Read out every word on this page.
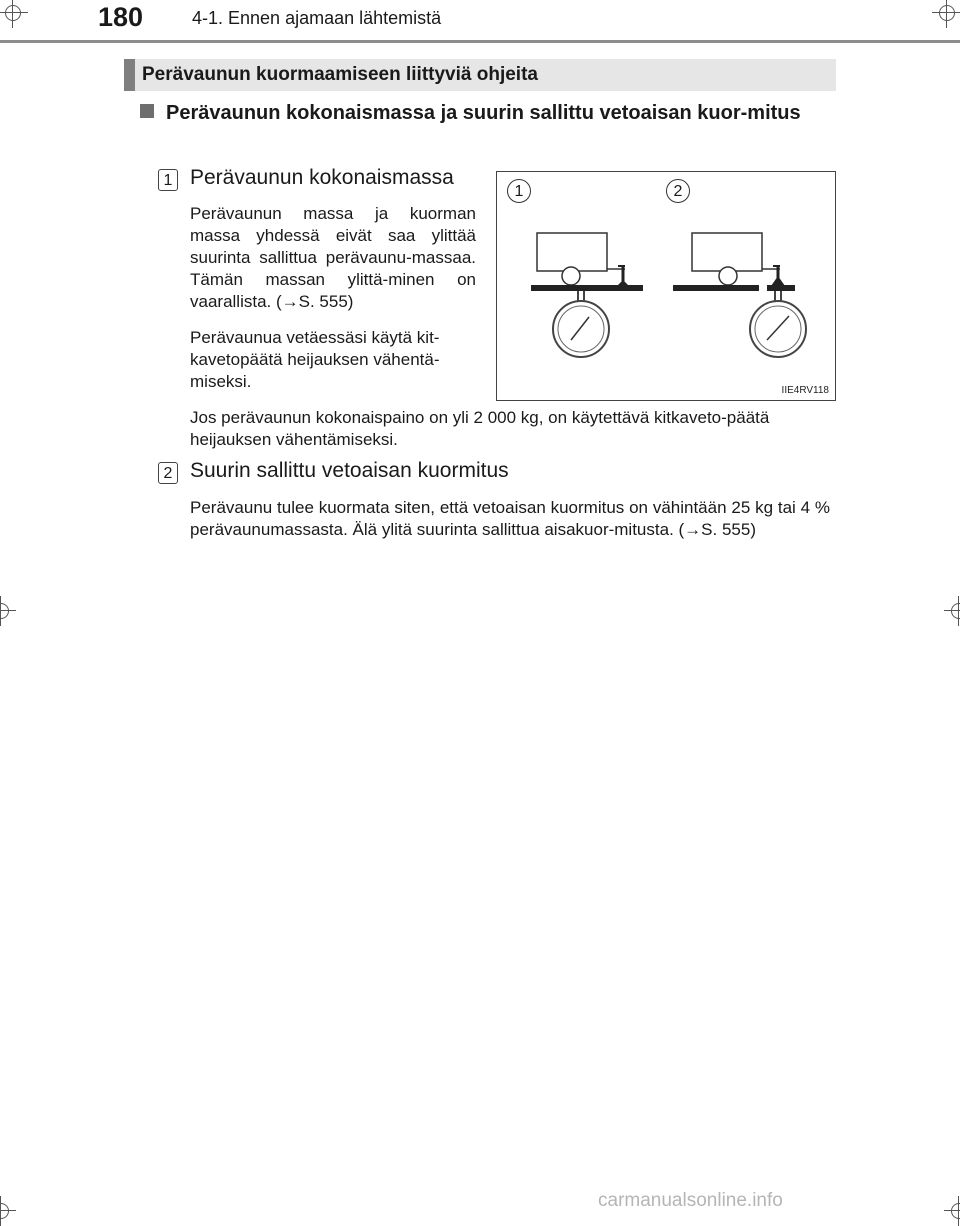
180	4-1. Ennen ajamaan lähtemistä
Perävaunun kuormaamiseen liittyviä ohjeita
Perävaunun kokonaismassa ja suurin sallittu vetoaisan kuor-mitus
1 Perävaunun kokonaismassa
Perävaunun massa ja kuorman massa yhdessä eivät saa ylittää suurinta sallittua perävaunu-massaa. Tämän massan ylittä-minen on vaarallista. (→S. 555)
Perävaunua vetäessäsi käytä kit-kavetopäätä heijauksen vähentä-miseksi.
Jos perävaunun kokonaispaino on yli 2 000 kg, on käytettävä kitkaveto-päätä heijauksen vähentämiseksi.
1	2
IIE4RV118
2 Suurin sallittu vetoaisan kuormitus
Perävaunu tulee kuormata siten, että vetoaisan kuormitus on vähintään 25 kg tai 4 % perävaunumassasta. Älä ylitä suurinta sallittua aisakuor-mitusta. (→S. 555)
carmanualsonline.info
